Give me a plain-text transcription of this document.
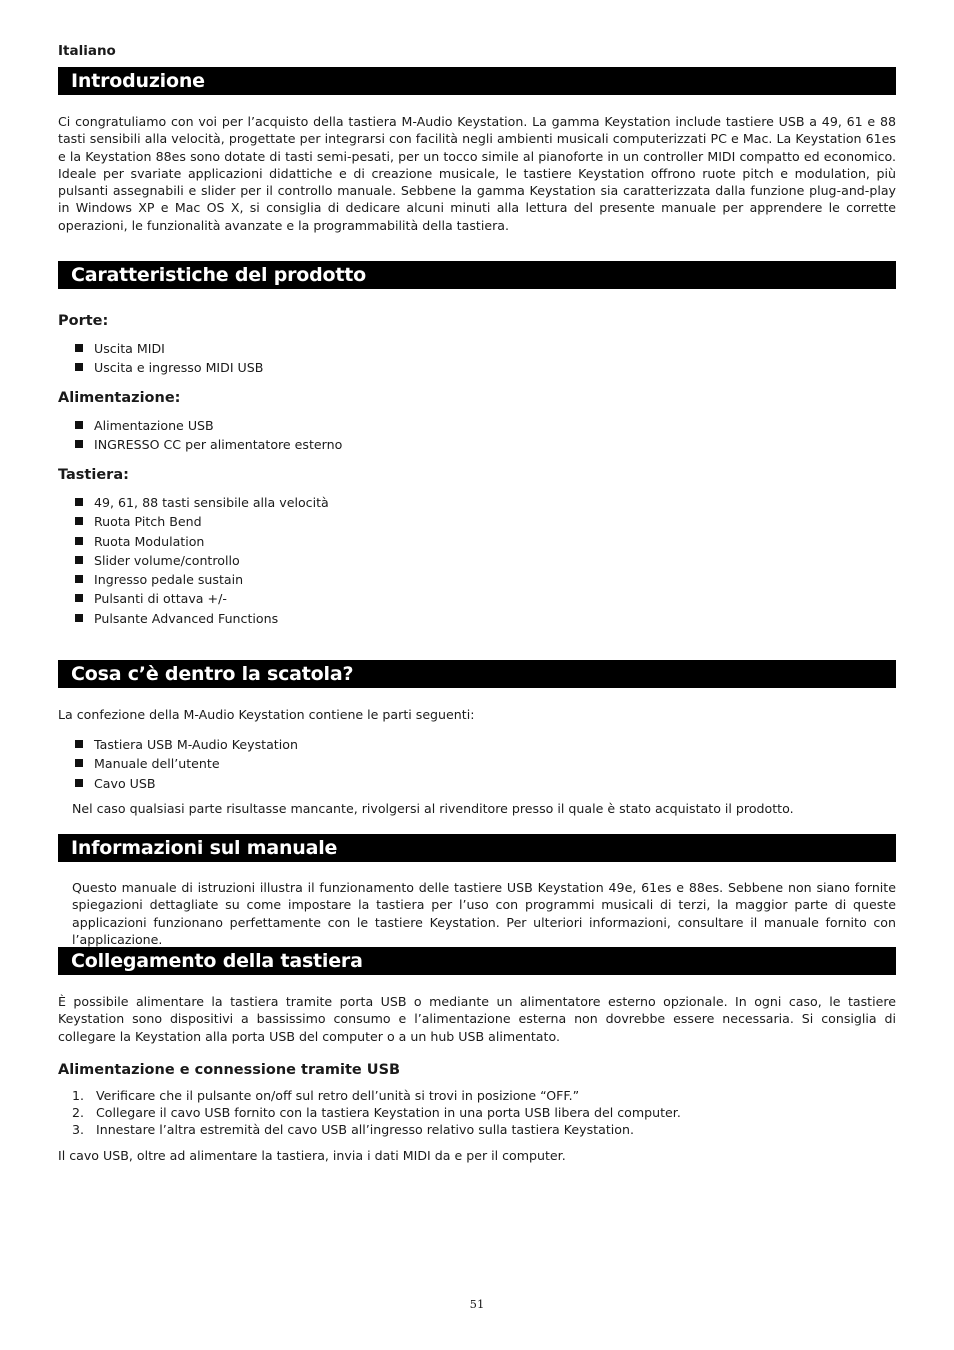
Italiano
Introduzione

Ci congratuliamo con voi per l’acquisto della tastiera M-Audio Keystation. La gamma Keystation include tastiere USB a 49, 61 e 88 tasti sensibili alla velocità, progettate per integrarsi con facilità negli ambienti musicali computerizzati PC e Mac. La Keystation 61es e la Keystation 88es sono dotate di tasti semi-pesati, per un tocco simile al pianoforte in un controller MIDI compatto ed economico. Ideale per svariate applicazioni didattiche e di creazione musicale, le tastiere Keystation offrono ruote pitch e modulation, più pulsanti assegnabili e slider per il controllo manuale. Sebbene la gamma Keystation sia caratterizzata dalla funzione plug-and-play in Windows XP e Mac OS X, si consiglia di dedicare alcuni minuti alla lettura del presente manuale per apprendere le corrette operazioni, le funzionalità avanzate e la programmabilità della tastiera.

Caratteristiche del prodotto
Porte:
Uscita MIDI
Uscita e ingresso MIDI USB
Alimentazione:
Alimentazione USB
INGRESSO CC per alimentatore esterno
Tastiera:
49, 61, 88 tasti sensibile alla velocità
Ruota Pitch Bend
Ruota Modulation
Slider volume/controllo
Ingresso pedale sustain
Pulsanti di ottava +/-
Pulsante Advanced Functions
Cosa c’è dentro la scatola?

La confezione della M-Audio Keystation contiene le parti seguenti:

Tastiera USB M-Audio Keystation
Manuale dell’utente
Cavo USB

Nel caso qualsiasi parte risultasse mancante, rivolgersi al rivenditore presso il quale è stato acquistato il prodotto.

Informazioni sul manuale

Questo manuale di istruzioni illustra il funzionamento delle tastiere USB Keystation 49e, 61es e 88es. Sebbene non siano fornite spiegazioni dettagliate su come impostare la tastiera per l’uso con programmi musicali di terzi, la maggior parte di queste applicazioni funzionano perfettamente con le tastiere Keystation. Per ulteriori informazioni, consultare il manuale fornito con l’applicazione.

Collegamento della tastiera

È possibile alimentare la tastiera tramite porta USB o mediante un alimentatore esterno opzionale. In ogni caso, le tastiere Keystation sono dispositivi a bassissimo consumo e l’alimentazione esterna non dovrebbe essere necessaria. Si consiglia di collegare la Keystation alla porta USB del computer o a un hub USB alimentato.

Alimentazione e connessione tramite USB
1. Verificare che il pulsante on/off sul retro dell’unità si trovi in posizione “OFF.”
2. Collegare il cavo USB fornito con la tastiera Keystation in una porta USB libera del computer.
3. Innestare l’altra estremità del cavo USB all’ingresso relativo sulla tastiera Keystation.

Il cavo USB, oltre ad alimentare la tastiera, invia i dati MIDI da e per il computer.

51
